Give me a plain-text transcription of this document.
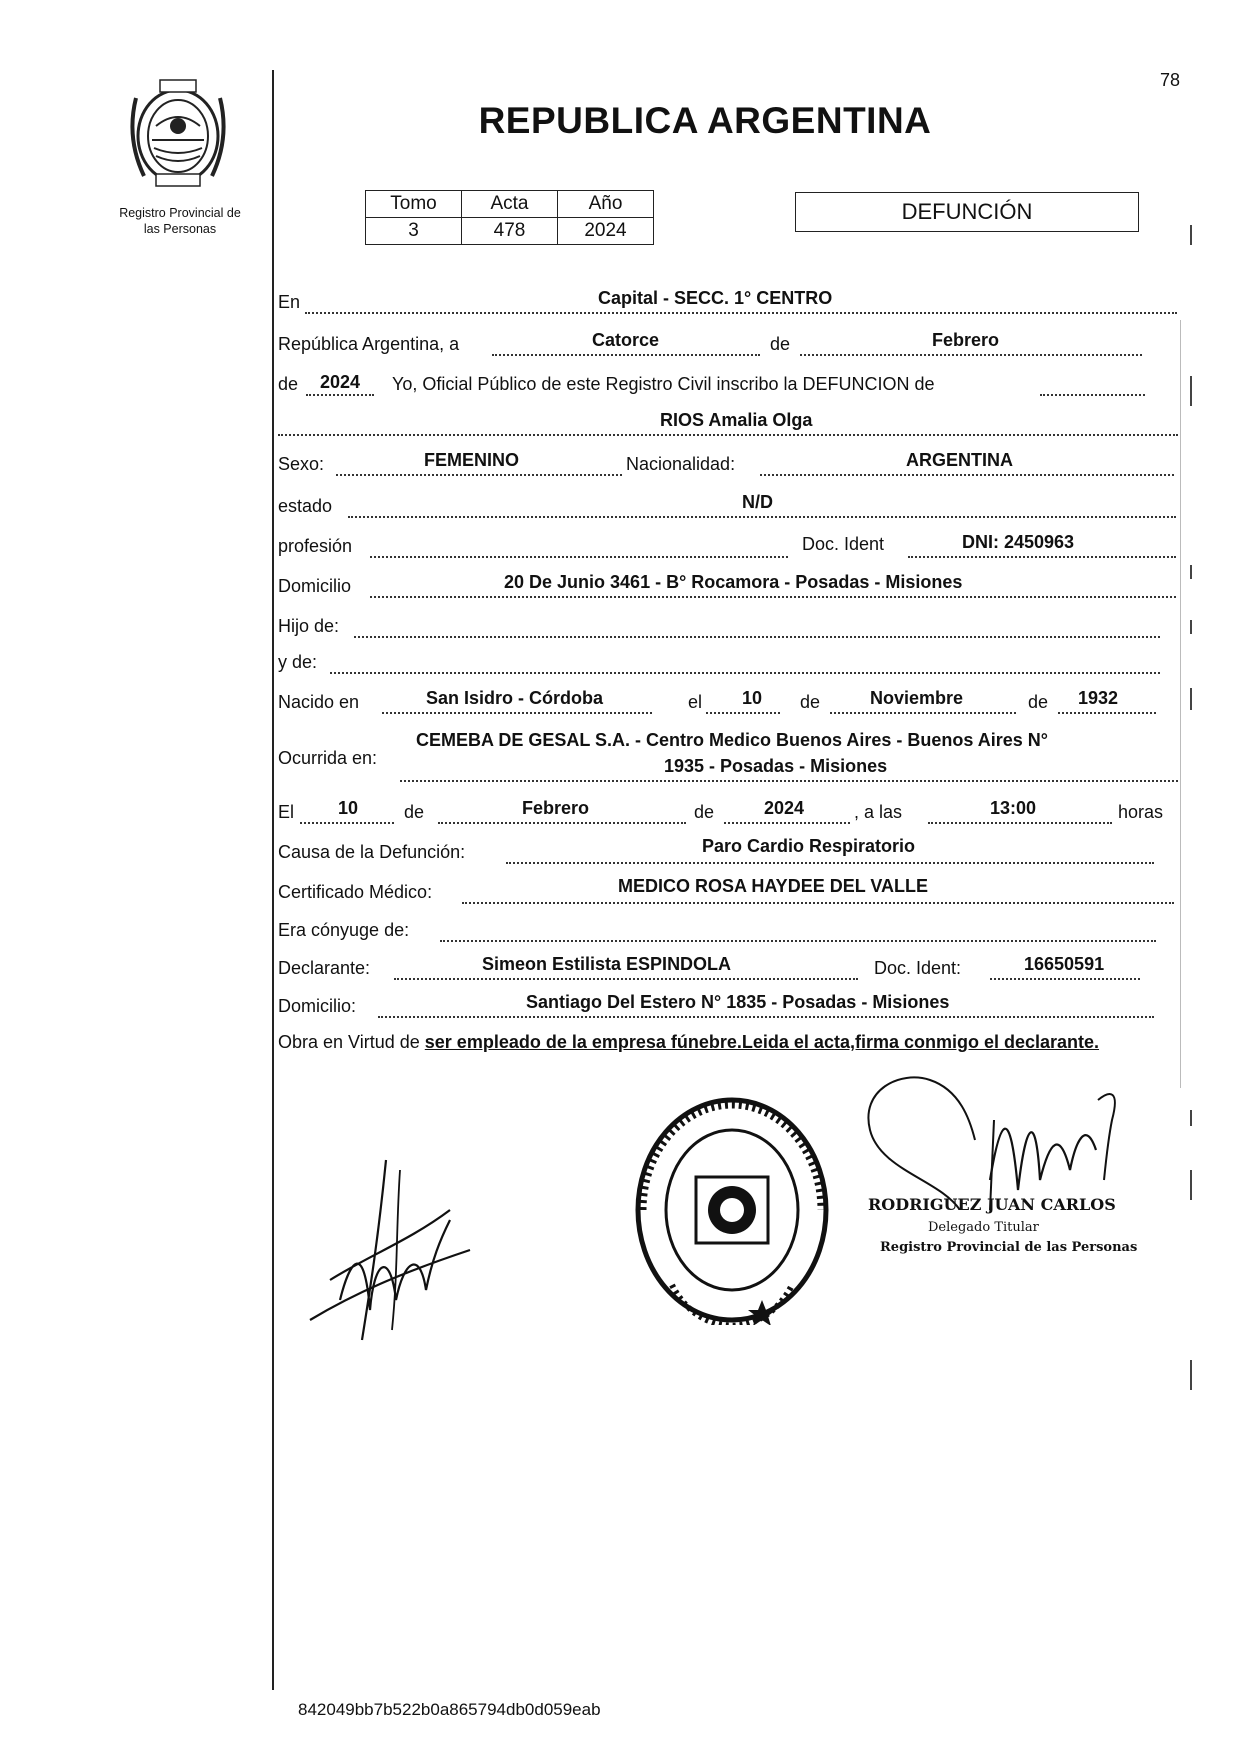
78
Registro Provincial de
las Personas
REPUBLICA ARGENTINA
Tomo	Acta	Año
3	478	2024
DEFUNCIÓN
En	Capital - SECC. 1° CENTRO
República Argentina, a	Catorce	de	Febrero
de 2024 Yo, Oficial Público de este Registro Civil inscribo la DEFUNCION de
RIOS Amalia Olga
Sexo:	FEMENINO	Nacionalidad:	ARGENTINA
estado	N/D
profesión	Doc. Ident	DNI: 2450963
Domicilio	20 De Junio 3461 - B° Rocamora - Posadas - Misiones
Hijo de:
y de:
Nacido en	San Isidro - Córdoba	el 10 de	Noviembre	de 1932
Ocurrida en:
CEMEBA DE GESAL S.A. - Centro Medico Buenos Aires - Buenos Aires N°
1935 - Posadas - Misiones
El 10	de	Febrero	de	2024	, a las	13:00	horas
Causa de la Defunción:	Paro Cardio Respiratorio
Certificado Médico:	MEDICO ROSA HAYDEE DEL VALLE
Era cónyuge de:
Declarante:	Simeon Estilista ESPINDOLA	Doc. Ident:	16650591
Domicilio:	Santiago Del Estero N° 1835 - Posadas - Misiones
Obra en Virtud de ser empleado de la empresa fúnebre.Leida el acta,firma conmigo el declarante.
RODRIGUEZ JUAN CARLOS
Delegado Titular
Registro Provincial de las Personas
842049bb7b522b0a865794db0d059eab
